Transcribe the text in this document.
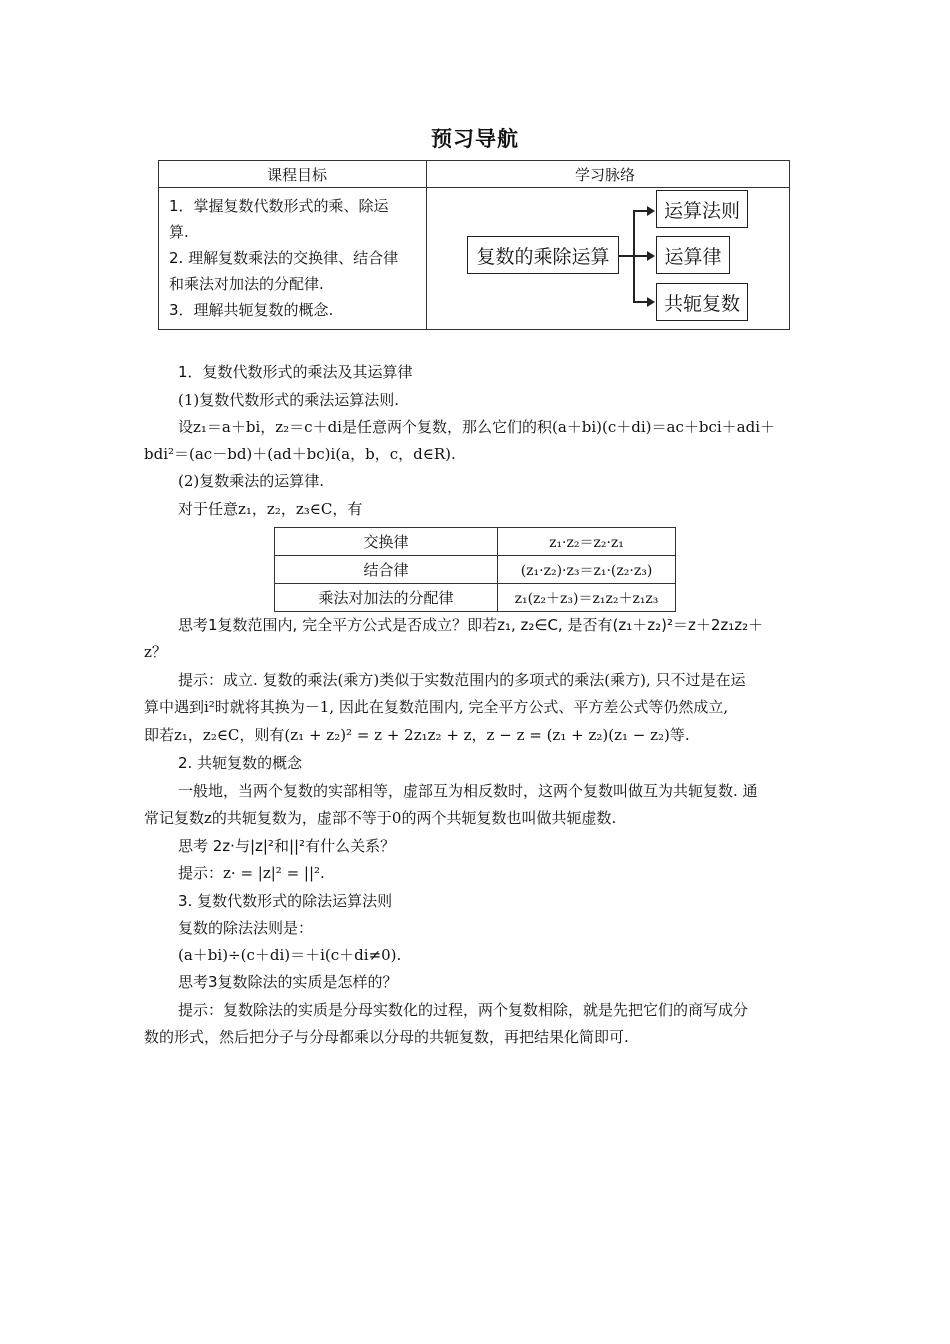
预习导航
课程目标	学习脉络
1．掌握复数代数形式的乘、除运
算.
2. 理解复数乘法的交换律、结合律
和乘法对加法的分配律.
3．理解共轭复数的概念.
复数的乘除运算
运算法则
运算律
共轭复数
1．复数代数形式的乘法及其运算律
(1)复数代数形式的乘法运算法则.
设z₁＝a＋bi，z₂＝c＋di是任意两个复数，那么它们的积(a＋bi)(c＋di)＝ac＋bci＋adi＋
bdi²＝(ac－bd)＋(ad＋bc)i(a，b，c，d∈R).
(2)复数乘法的运算律.
对于任意z₁，z₂，z₃∈C，有
交换律	z₁·z₂＝z₂·z₁
结合律	(z₁·z₂)·z₃＝z₁·(z₂·z₃)
乘法对加法的分配律	z₁(z₂＋z₃)＝z₁z₂＋z₁z₃
思考1复数范围内, 完全平方公式是否成立？即若z₁, z₂∈C, 是否有(z₁＋z₂)²＝z＋2z₁z₂＋
z？
提示：成立. 复数的乘法(乘方)类似于实数范围内的多项式的乘法(乘方), 只不过是在运
算中遇到i²时就将其换为－1, 因此在复数范围内, 完全平方公式、平方差公式等仍然成立,
即若z₁，z₂∈C，则有(z₁ + z₂)² = z + 2z₁z₂ + z，z − z = (z₁ + z₂)(z₁ − z₂)等.
2. 共轭复数的概念
一般地，当两个复数的实部相等，虚部互为相反数时，这两个复数叫做互为共轭复数. 通
常记复数z的共轭复数为，虚部不等于0的两个共轭复数也叫做共轭虚数.
思考 2z·与|z|²和||²有什么关系？
提示：z· = |z|² = ||².
3. 复数代数形式的除法运算法则
复数的除法法则是：
(a＋bi)÷(c＋di)＝＋i(c＋di≠0).
思考3复数除法的实质是怎样的？
提示：复数除法的实质是分母实数化的过程，两个复数相除，就是先把它们的商写成分
数的形式，然后把分子与分母都乘以分母的共轭复数，再把结果化简即可.
